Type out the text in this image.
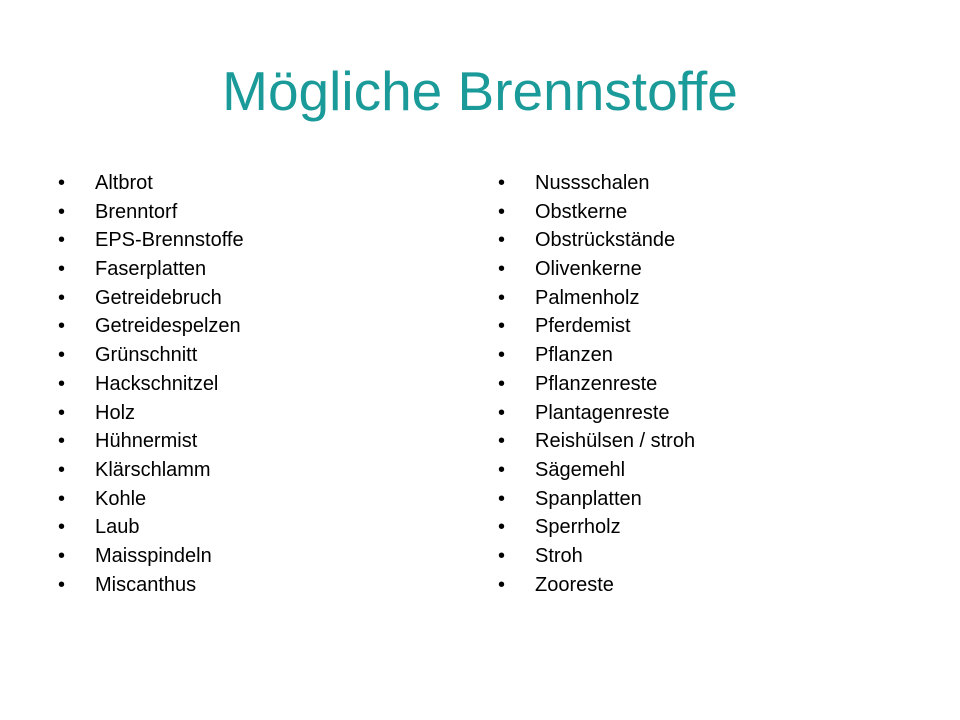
Mögliche Brennstoffe
•	Altbrot
•	Brenntorf
•	EPS-Brennstoffe
•	Faserplatten
•	Getreidebruch
•	Getreidespelzen
•	Grünschnitt
•	Hackschnitzel
•	Holz
•	Hühnermist
•	Klärschlamm
•	Kohle
•	Laub
•	Maisspindeln
•	Miscanthus
•	Nussschalen
•	Obstkerne
•	Obstrückstände
•	Olivenkerne
•	Palmenholz
•	Pferdemist
•	Pflanzen
•	Pflanzenreste
•	Plantagenreste
•	Reishülsen / stroh
•	Sägemehl
•	Spanplatten
•	Sperrholz
•	Stroh
•	Zooreste
